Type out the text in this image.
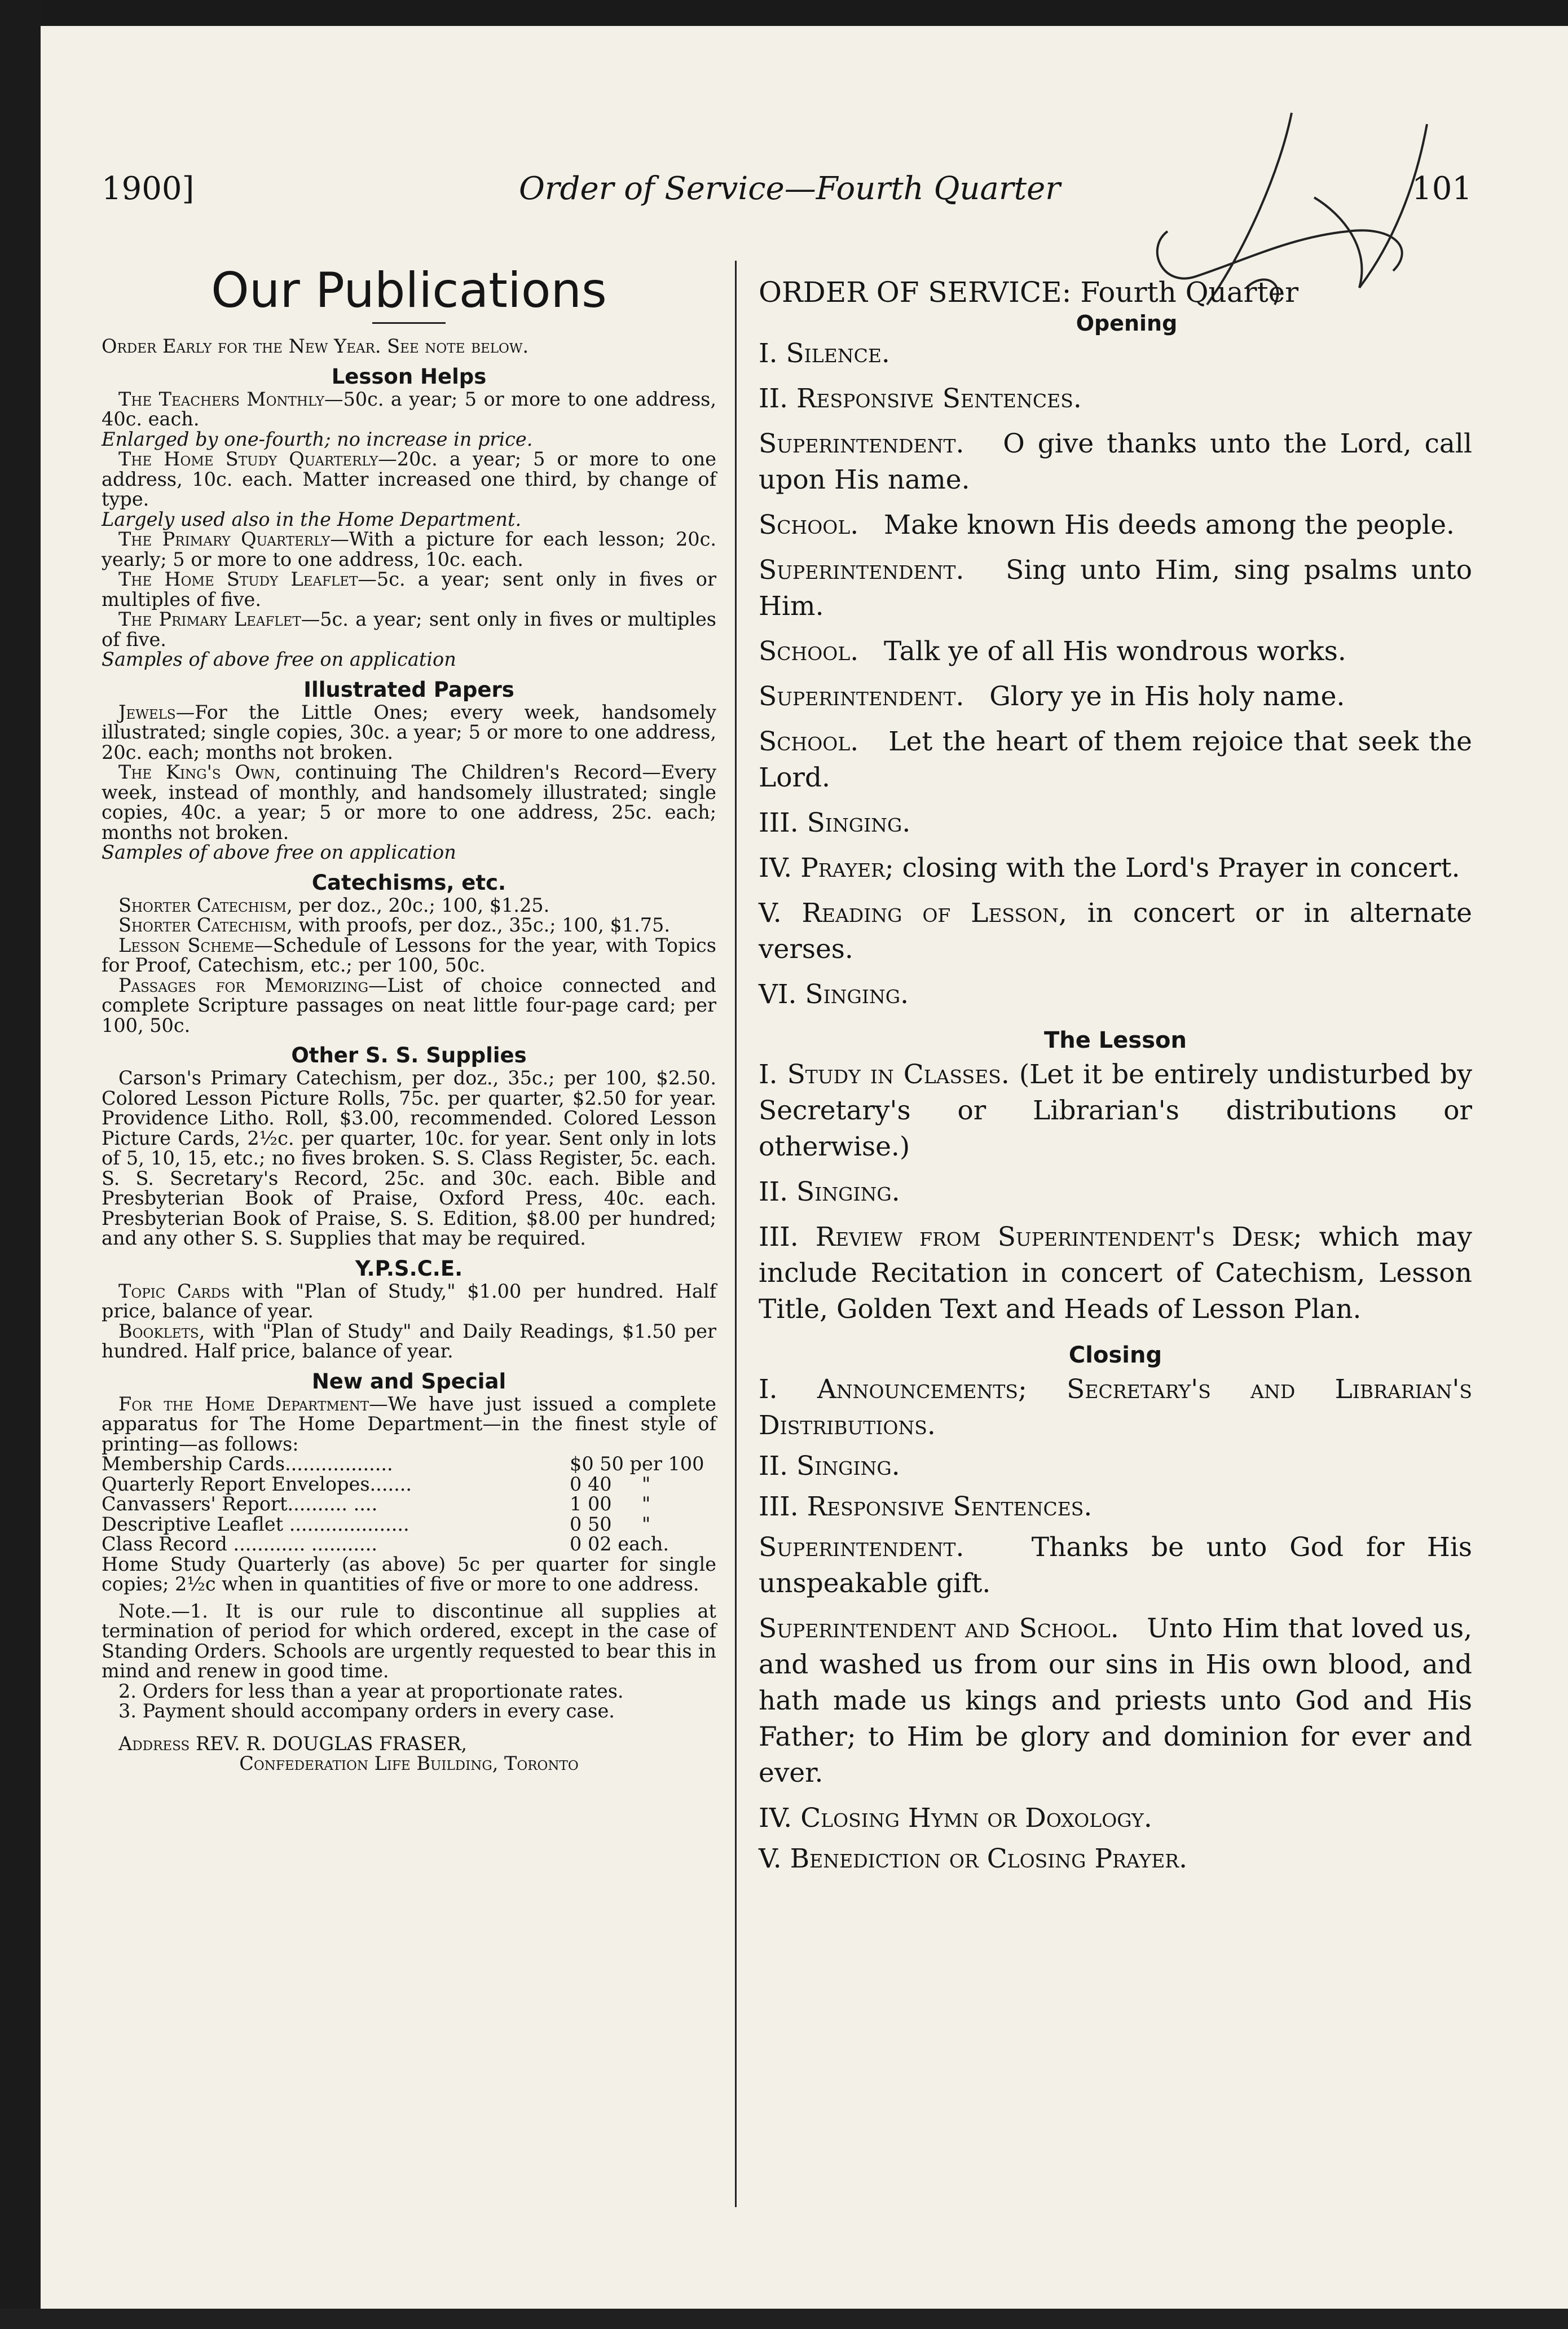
Order of Service—Fourth Quarter
1900]	101
Our Publications

Order Early for the New Year. See note below.

Lesson Helps

The Teachers Monthly—50c. a year; 5 or more to one address, 40c. each.

Enlarged by one-fourth; no increase in price.

The Home Study Quarterly—20c. a year; 5 or more to one address, 10c. each. Matter increased one third, by change of type.

Largely used also in the Home Department.

The Primary Quarterly—With a picture for each lesson; 20c. yearly; 5 or more to one address, 10c. each.

The Home Study Leaflet—5c. a year; sent only in fives or multiples of five.

The Primary Leaflet—5c. a year; sent only in fives or multiples of five.

Samples of above free on application

Illustrated Papers

Jewels—For the Little Ones; every week, handsomely illustrated; single copies, 30c. a year; 5 or more to one address, 20c. each; months not broken.

The King's Own, continuing The Children's Record—Every week, instead of monthly, and handsomely illustrated; single copies, 40c. a year; 5 or more to one address, 25c. each; months not broken.

Samples of above free on application

Catechisms, etc.

Shorter Catechism, per doz., 20c.; 100, $1.25.

Shorter Catechism, with proofs, per doz., 35c.; 100, $1.75.

Lesson Scheme—Schedule of Lessons for the year, with Topics for Proof, Catechism, etc.; per 100, 50c.

Passages for Memorizing—List of choice connected and complete Scripture passages on neat little four-page card; per 100, 50c.

Other S. S. Supplies

Carson's Primary Catechism, per doz., 35c.; per 100, $2.50. Colored Lesson Picture Rolls, 75c. per quarter, $2.50 for year. Providence Litho. Roll, $3.00, recommended. Colored Lesson Picture Cards, 2½c. per quarter, 10c. for year. Sent only in lots of 5, 10, 15, etc.; no fives broken. S. S. Class Register, 5c. each. S. S. Secretary's Record, 25c. and 30c. each. Bible and Presbyterian Book of Praise, Oxford Press, 40c. each. Presbyterian Book of Praise, S. S. Edition, $8.00 per hundred; and any other S. S. Supplies that may be required.

Y.P.S.C.E.

Topic Cards with "Plan of Study," $1.00 per hundred. Half price, balance of year.

Booklets, with "Plan of Study" and Daily Readings, $1.50 per hundred. Half price, balance of year.

New and Special

For the Home Department—We have just issued a complete apparatus for The Home Department—in the finest style of printing—as follows:

Membership Cards..................	$0 50 per 100
Quarterly Report Envelopes.......	0 40     "
Canvassers' Report.......... ....	1 00     "
Descriptive Leaflet ....................	0 50     "
Class Record ............ ...........	0 02 each.

Home Study Quarterly (as above) 5c per quarter for single copies; 2½c when in quantities of five or more to one address.

Note.—1. It is our rule to discontinue all supplies at termination of period for which ordered, except in the case of Standing Orders. Schools are urgently requested to bear this in mind and renew in good time.

2. Orders for less than a year at proportionate rates.

3. Payment should accompany orders in every case.

Address REV. R. DOUGLAS FRASER,

Confederation Life Building, Toronto

ORDER OF SERVICE: Fourth Quarter
Opening

I. Silence.

II. Responsive Sentences.

Superintendent. O give thanks unto the Lord, call upon His name.

School. Make known His deeds among the people.

Superintendent. Sing unto Him, sing psalms unto Him.

School. Talk ye of all His wondrous works.

Superintendent. Glory ye in His holy name.

School. Let the heart of them rejoice that seek the Lord.

III. Singing.

IV. Prayer; closing with the Lord's Prayer in concert.

V. Reading of Lesson, in concert or in alternate verses.

VI. Singing.

The Lesson

I. Study in Classes. (Let it be entirely undisturbed by Secretary's or Librarian's distributions or otherwise.)

II. Singing.

III. Review from Superintendent's Desk; which may include Recitation in concert of Catechism, Lesson Title, Golden Text and Heads of Lesson Plan.

Closing

I. Announcements; Secretary's and Librarian's Distributions.

II. Singing.

III. Responsive Sentences.

Superintendent.	Thanks be unto God for His unspeakable gift.

Superintendent and School. Unto Him that loved us, and washed us from our sins in His own blood, and hath made us kings and priests unto God and His Father; to Him be glory and dominion for ever and ever.

IV. Closing Hymn or Doxology.

V. Benediction or Closing Prayer.
